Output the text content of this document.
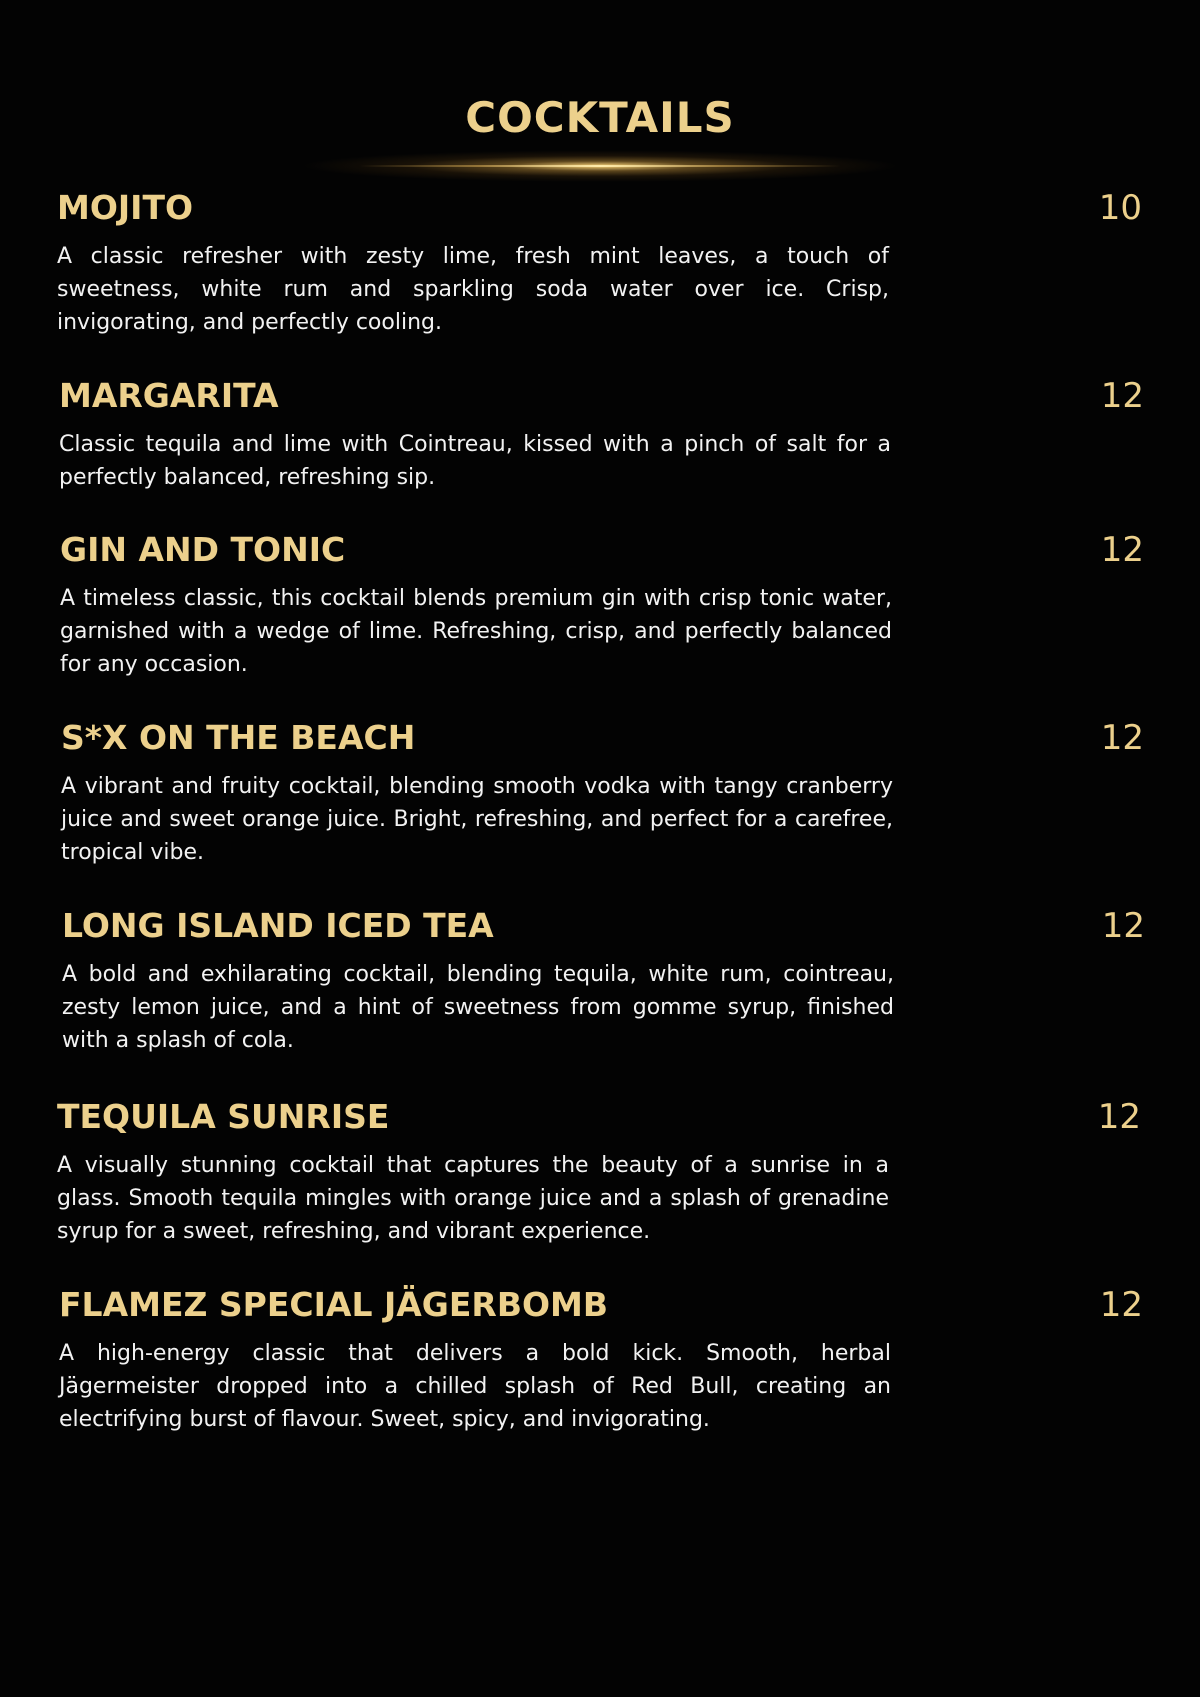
COCKTAILS
MOJITO	10
A classic refresher with zesty lime, fresh mint leaves, a touch of sweetness, white rum and sparkling soda water over ice. Crisp, invigorating, and perfectly cooling.
MARGARITA	12
Classic tequila and lime with Cointreau, kissed with a pinch of salt for a perfectly balanced, refreshing sip.
GIN AND TONIC	12
A timeless classic, this cocktail blends premium gin with crisp tonic water, garnished with a wedge of lime. Refreshing, crisp, and perfectly balanced for any occasion.
S*X ON THE BEACH	12
A vibrant and fruity cocktail, blending smooth vodka with tangy cranberry juice and sweet orange juice. Bright, refreshing, and perfect for a carefree, tropical vibe.
LONG ISLAND ICED TEA	12
A bold and exhilarating cocktail, blending tequila, white rum, cointreau, zesty lemon juice, and a hint of sweetness from gomme syrup, finished with a splash of cola.
TEQUILA SUNRISE	12
A visually stunning cocktail that captures the beauty of a sunrise in a glass. Smooth tequila mingles with orange juice and a splash of grenadine syrup for a sweet, refreshing, and vibrant experience.
FLAMEZ SPECIAL JÄGERBOMB	12
A high-energy classic that delivers a bold kick. Smooth, herbal Jägermeister dropped into a chilled splash of Red Bull, creating an electrifying burst of flavour. Sweet, spicy, and invigorating.
